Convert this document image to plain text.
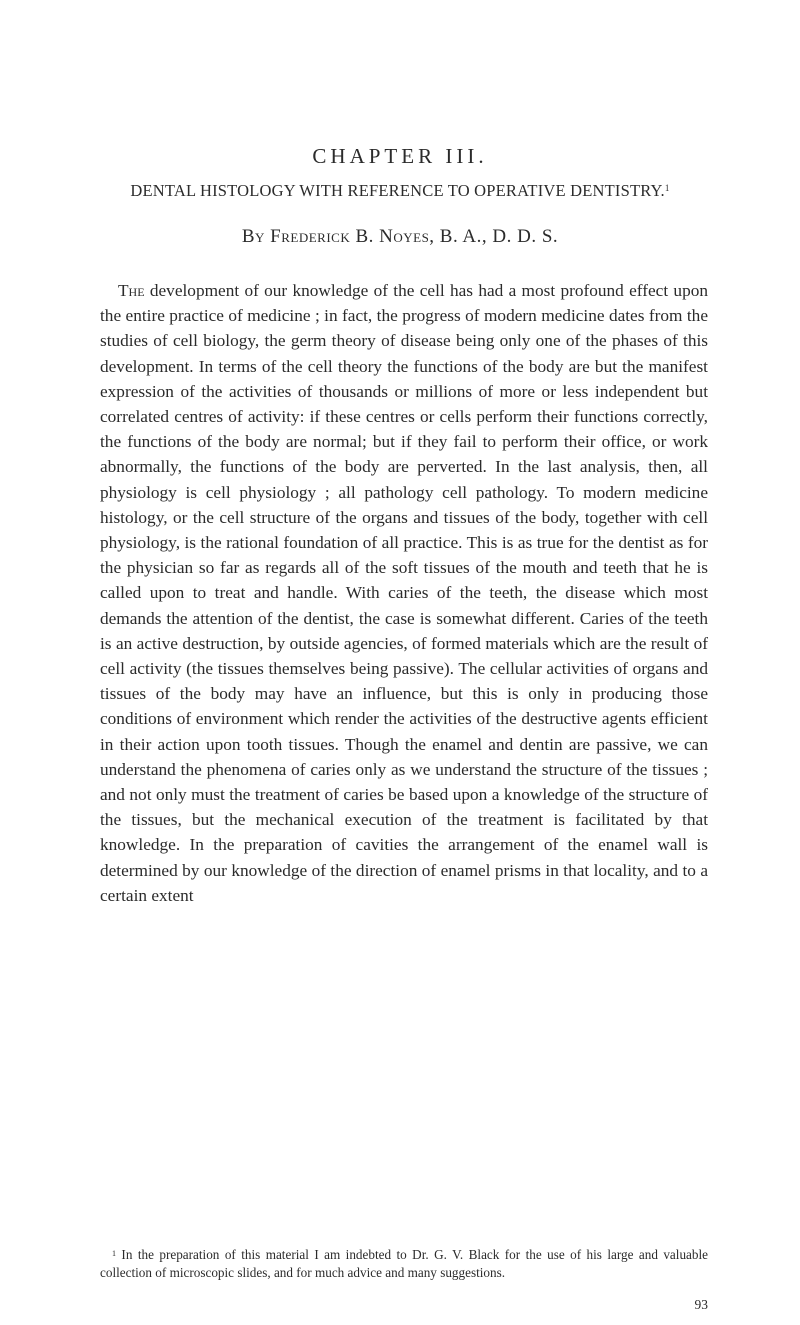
CHAPTER III.
DENTAL HISTOLOGY WITH REFERENCE TO OPERATIVE DENTISTRY.$^1$
By Frederick B. Noyes, B. A., D. D. S.

The development of our knowledge of the cell has had a most profound effect upon the entire practice of medicine ; in fact, the progress of modern medicine dates from the studies of cell biology, the germ theory of disease being only one of the phases of this development. In terms of the cell theory the functions of the body are but the manifest expression of the activities of thousands or millions of more or less independent but correlated centres of activity: if these centres or cells perform their functions correctly, the functions of the body are normal; but if they fail to perform their office, or work abnormally, the functions of the body are perverted. In the last analysis, then, all physiology is cell physiology ; all pathology cell pathology. To modern medicine histology, or the cell structure of the organs and tissues of the body, together with cell physiology, is the rational foundation of all practice. This is as true for the dentist as for the physician so far as regards all of the soft tissues of the mouth and teeth that he is called upon to treat and handle. With caries of the teeth, the disease which most demands the attention of the dentist, the case is somewhat different. Caries of the teeth is an active destruction, by outside agencies, of formed materials which are the result of cell activity (the tissues themselves being passive). The cellular activities of organs and tissues of the body may have an influence, but this is only in producing those conditions of environment which render the activities of the destructive agents efficient in their action upon tooth tissues. Though the enamel and dentin are passive, we can understand the phenomena of caries only as we understand the structure of the tissues ; and not only must the treatment of caries be based upon a knowledge of the structure of the tissues, but the mechanical execution of the treatment is facilitated by that knowledge. In the preparation of cavities the arrangement of the enamel wall is determined by our knowledge of the direction of enamel prisms in that locality, and to a certain extent

$^1$ In the preparation of this material I am indebted to Dr. G. V. Black for the use of his large and valuable collection of microscopic slides, and for much advice and many suggestions.

93
